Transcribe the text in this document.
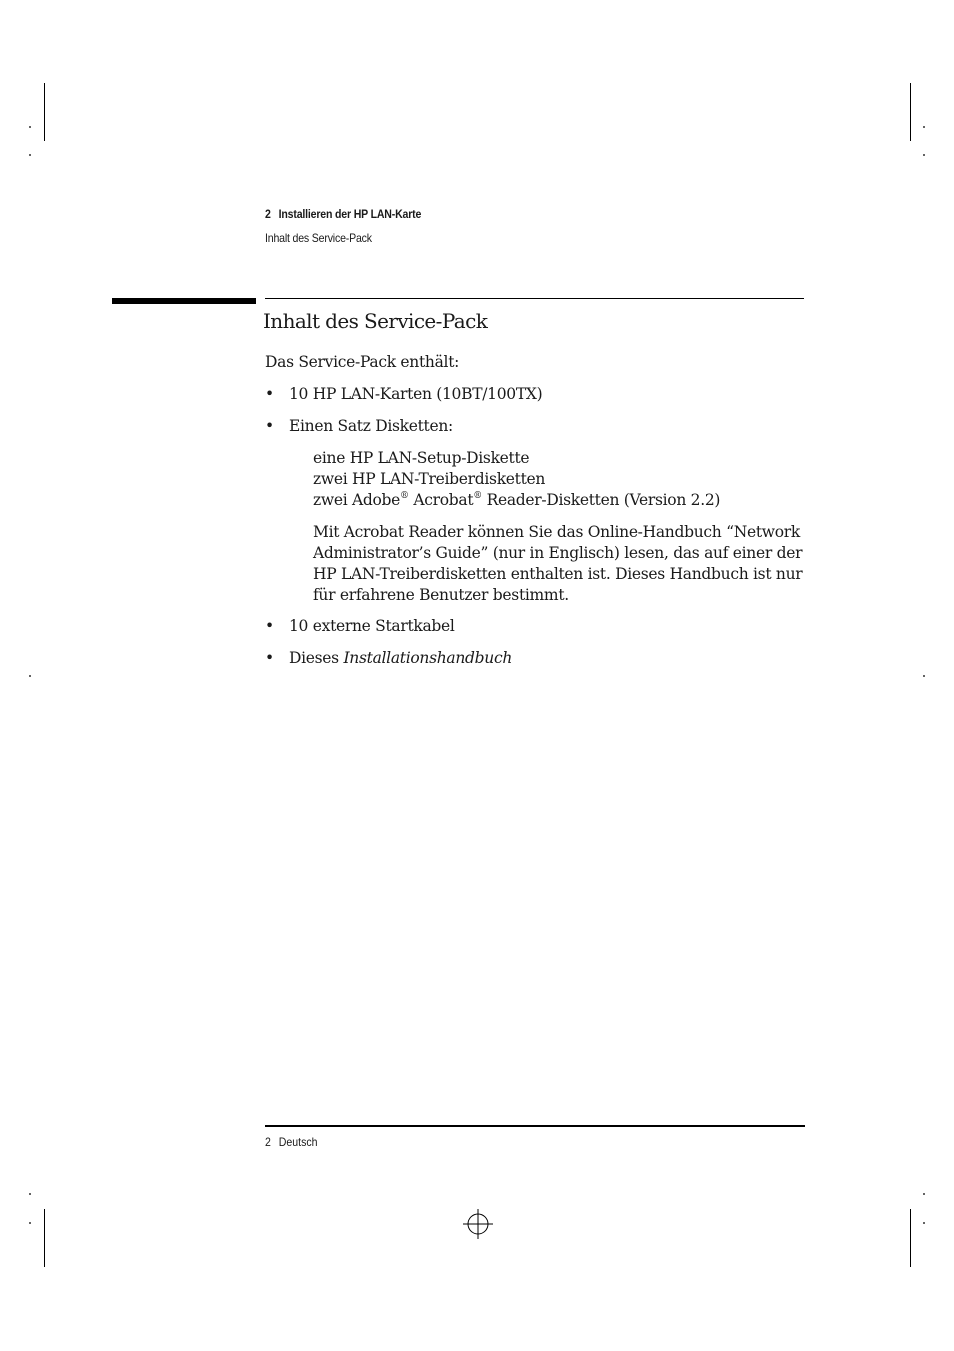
2 Installieren der HP LAN-Karte
Inhalt des Service-Pack
Inhalt des Service-Pack

Das Service-Pack enthält:

• 10 HP LAN-Karten (10BT/100TX)
• Einen Satz Disketten:
eine HP LAN-Setup-Diskette
zwei HP LAN-Treiberdisketten
zwei Adobe® Acrobat® Reader-Disketten (Version 2.2)

Mit Acrobat Reader können Sie das Online-Handbuch “Network Administrator’s Guide” (nur in Englisch) lesen, das auf einer der HP LAN-Treiberdisketten enthalten ist. Dieses Handbuch ist nur für erfahrene Benutzer bestimmt.

• 10 externe Startkabel
• Dieses Installationshandbuch
2 Deutsch
